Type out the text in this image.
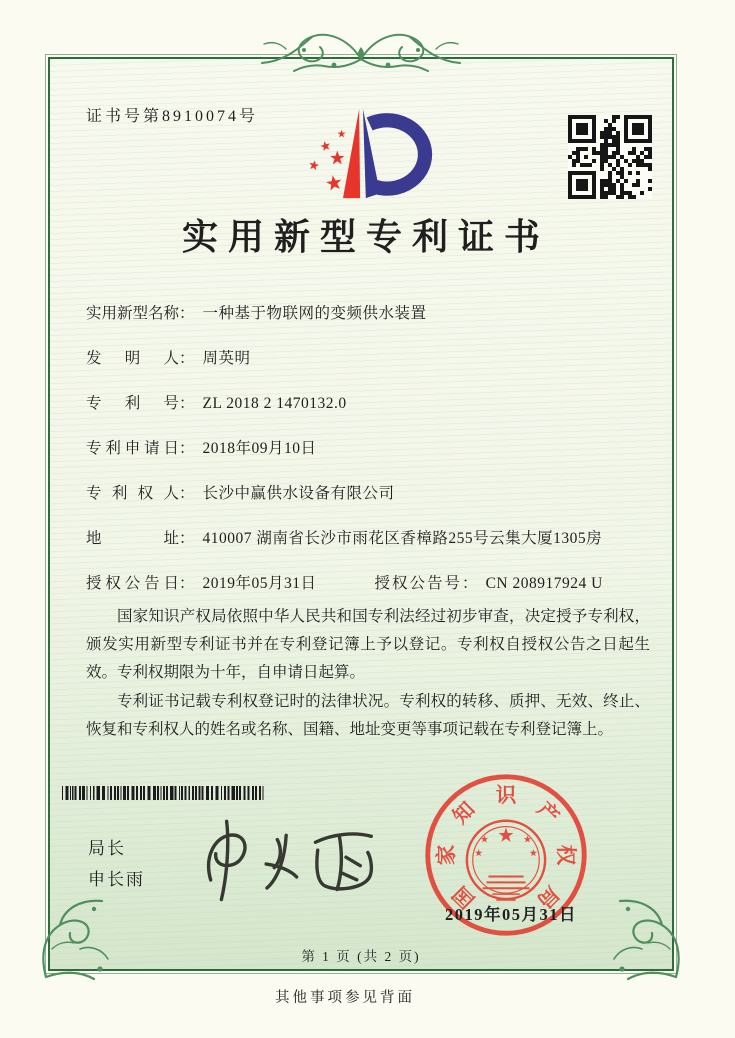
证书号第8910074号
实用新型专利证书
实用新型名称 ： 一种基于物联网的变频供水装置
发明人 ： 周英明
专利号 ： ZL 2018 2 1470132.0
专利申请日 ： 2018年09月10日
专利权人 ： 长沙中赢供水设备有限公司
地址 ： 410007 湖南省长沙市雨花区香樟路255号云集大厦1305房
授权公告日 ： 2019年05月31日	授权公告号 ： CN 208917924 U

国家知识产权局依照中华人民共和国专利法经过初步审查，决定授予专利权，颁发实用新型专利证书并在专利登记簿上予以登记。专利权自授权公告之日起生效。专利权期限为十年，自申请日起算。

专利证书记载专利权登记时的法律状况。专利权的转移、质押、无效、终止、恢复和专利权人的姓名或名称、国籍、地址变更等事项记载在专利登记簿上。

局长
申长雨
国
家
知
识
产
权
局
2019年05月31日
第 1 页 (共 2 页)
其他事项参见背面
